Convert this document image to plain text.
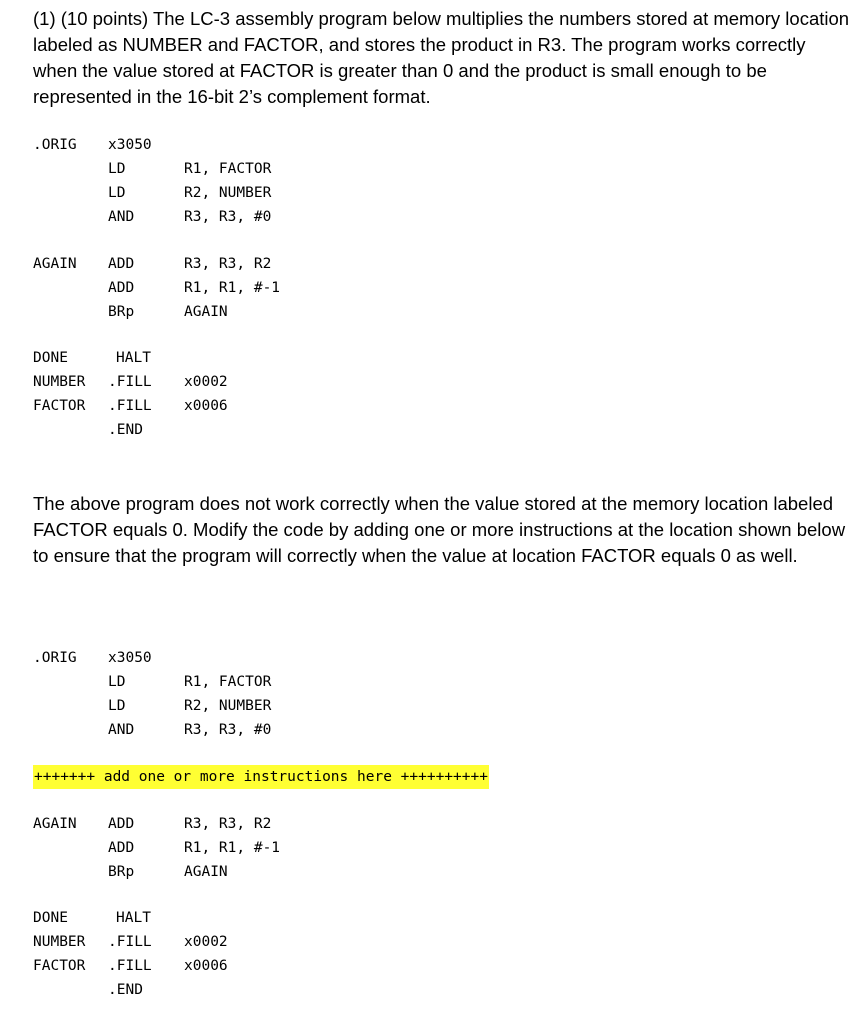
(1) (10 points) The LC-3 assembly program below multiplies the numbers stored at memory location labeled as NUMBER and FACTOR, and stores the product in R3. The program works correctly when the value stored at FACTOR is greater than 0 and the product is small enough to be represented in the 16-bit 2’s complement format.

.ORIG x3050
LD	R1, FACTOR
LD	R2, NUMBER
AND	R3, R3, #0
AGAIN ADD	R3, R3, R2
ADD	R1, R1, #-1
BRp	AGAIN
DONE	HALT
NUMBER .FILL x0002
FACTOR .FILL x0006
.END

The above program does not work correctly when the value stored at the memory location labeled FACTOR equals 0. Modify the code by adding one or more instructions at the location shown below to ensure that the program will correctly when the value at location FACTOR equals 0 as well.

.ORIG x3050
LD	R1, FACTOR
LD	R2, NUMBER
AND	R3, R3, #0
AGAIN ADD	R3, R3, R2
ADD	R1, R1, #-1
BRp	AGAIN
DONE	HALT
NUMBER .FILL x0002
FACTOR .FILL x0006
.END
+++++++ add one or more instructions here ++++++++++
